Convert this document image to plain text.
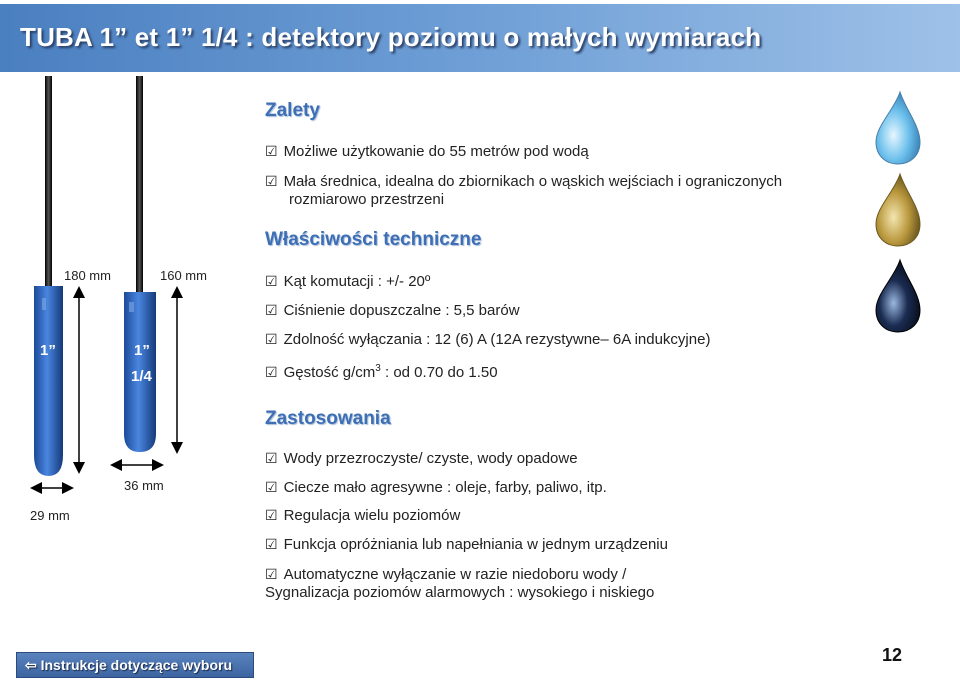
TUBA 1” et 1” 1/4 : detektory poziomu o małych wymiarach
1”	1”
1/4
180 mm	160 mm
36 mm
29 mm
Zalety
☑ Możliwe użytkowanie do 55 metrów pod wodą
☑ Mała średnica, idealna do zbiornikach o wąskich wejściach i ograniczonych
rozmiarowo przestrzeni
Właściwości techniczne
☑ Kąt komutacji : +/- 20º
☑ Ciśnienie dopuszczalne : 5,5 barów
☑ Zdolność wyłączania : 12 (6) A (12A rezystywne– 6A indukcyjne)
☑ Gęstość $g/cm^3$ : od 0.70 do 1.50
Zastosowania
☑ Wody przezroczyste/ czyste, wody opadowe
☑ Ciecze mało agresywne : oleje, farby, paliwo, itp.
☑ Regulacja wielu poziomów
☑ Funkcja opróżniania lub napełniania w jednym urządzeniu
☑ Automatyczne wyłączanie w razie niedoboru wody /
Sygnalizacja poziomów alarmowych : wysokiego i niskiego
⇦ Instrukcje dotyczące wyboru	12
